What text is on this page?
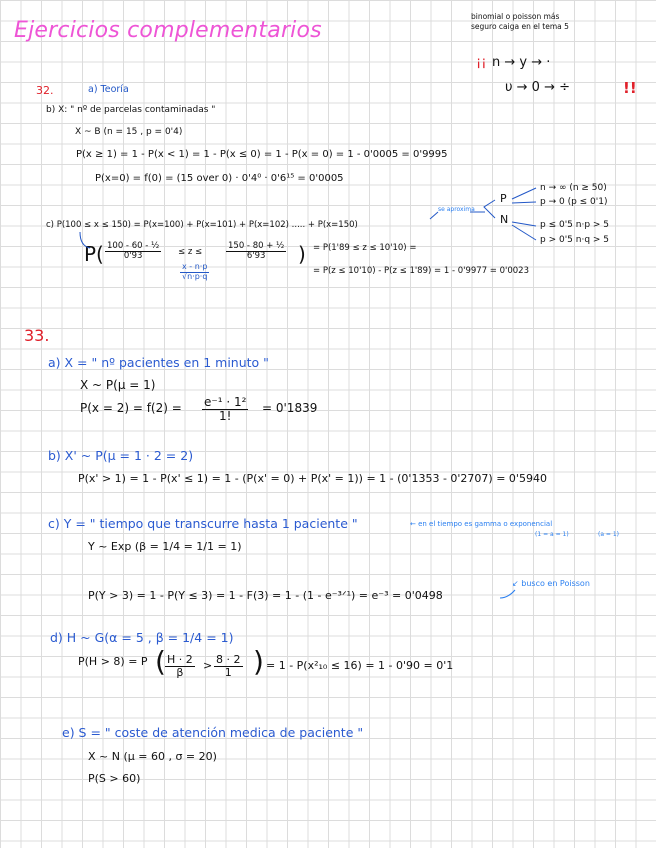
Ejercicios complementarios
binomial o poisson más
seguro caiga en el tema 5
¡¡ n → y → ·
υ → 0 → ÷	!!
32.	a) Teoría
b) X: " nº de parcelas contaminadas "
X ~ B (n = 15 , p = 0'4)
P(x ≥ 1) = 1 - P(x < 1) = 1 - P(x ≤ 0) = 1 - P(x = 0) = 1 - 0'0005 = 0'9995
P(x=0) = f(0) = (15 over 0) · 0'4⁰ · 0'6¹⁵ = 0'0005
c) P(100 ≤ x ≤ 150) = P(x=100) + P(x=101) + P(x=102) ..... + P(x=150)
se aproxima
P
N
n → ∞ (n ≥ 50)
p → 0 (p ≤ 0'1)
p ≤ 0'5 n·p > 5
p > 0'5 n·q > 5
$P( \frac{\text{100 - 60 - ½}}{0'93} \le z$ ≤	$\frac{\text{150 - 80 + ½}}{6'93}$ ) = P(1'89 ≤ z ≤ 10'10) =
= P(z ≤ 10'10) - P(z ≤ 1'89) = 1 - 0'9977 = 0'0023
$\frac{x - n\cdot p}{√n\cdot p\cdot q}$
33.
a) X = " nº pacientes en 1 minuto "
X ~ P(μ = 1)
$P(x = 2) = f(2) = \frac{\text{e⁻¹ · 1²}}{1!} = 0'1839$
b) X' ~ P(μ = 1 · 2 = 2)
P(x' > 1) = 1 - P(x' ≤ 1) = 1 - (P(x' = 0) + P(x' = 1)) = 1 - (0'1353 - 0'2707) = 0'5940
c) Y = " tiempo que transcurre hasta 1 paciente "	← en el tiempo es gamma o exponencial
(1 = a = 1)	(a = 1)
Y ~ Exp (β = 1/4 = 1/1 = 1)
P(Y > 3) = 1 - P(Y ≤ 3) = 1 - F(3) = 1 - (1 - e⁻³ᐟ¹) = e⁻³ = 0'0498
↙ busco en Poisson
d) H ~ G(α = 5 , β = 1/4 = 1)
P(H > 8) = P ( $\frac{H \cdot 2}{\beta} > \frac{8 \cdot 2}{1}$ ) = 1 - P(x²₁₀ ≤ 16) = 1 - 0'90 = 0'1
e) S = " coste de atención medica de paciente "
X ~ N (μ = 60 , σ = 20)
P(S > 60)
